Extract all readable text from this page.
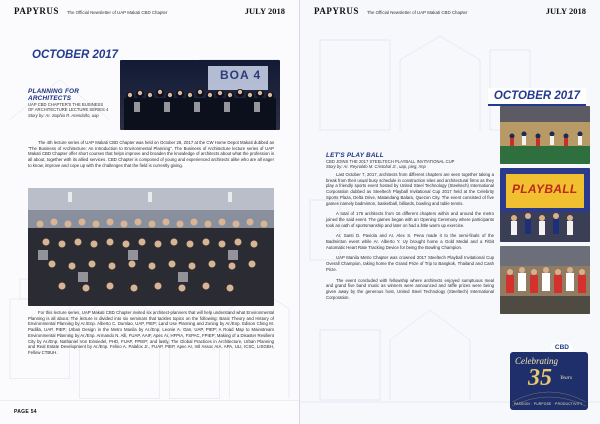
PAPYRUS	The Official Newsletter of UAP Makati CBD Chapter	JULY 2018
OCTOBER 2017
PLANNING FOR ARCHITECTS
UAP CBD CHAPTER'S THE BUSINESS
OF ARCHITECTURE LECTURE SERIES 4
Story by: Ar. Sophia R. Arendaño, uap
BOA 4

The 4th lecture series of UAP Makati CBD Chapter was held on October 28, 2017 at the CW Home Depot Makati dubbed as "The Business of Architecture: An Introduction to Environmental Planning". The Business of Architecture lecture series of UAP Makati CBD Chapter offer short courses that helps improve and broaden the knowledge of architects about what the profession is all about, together with its allied services. CBD Chapter is composed of young and experienced architects alike who are all eager to know, improve and cope up with the challenges that the field is currently giving.

For this lecture series, UAP Makati CBD Chapter invited six architect-planners that will help understand what Environmental Planning is all about. The lecture is divided into six seminars that tackles topics on the following: Basic Theory and History of Environmental Planning by Ar./Enp. Alberto C. Dumlao, UAP, PIEP; Land Use Planning and Zoning by Ar./Enp. Edison Ching M. Padilla, UAP, PIEP; Urban Design in the Metro Manila by Ar./Enp. Leonie A. Gan, UAP, PIEP; A Road Map to Mainstream Environmental Planning by Ar./Enp. Armando N. Alli, FUAP, AAIF, Apec Ar, HFPIA, FSPAC, FPIEP; Making of a Disaster Resilient City by Ar./Enp. Nathaniel Von Einsiedel, PHD, FUAP, FPIEP; and lastly, The Global Practices in Architecture, Urban Planning and Real Estate Development by Ar./Enp. Felino A. Palafox Jr., FUAP, PIEP, Apec Ar, Intl Assoc AIA, APA, ULI, ICSC, LISGBH, Fellow CTBUH.

PAGE 54
PAPYRUS	The Official Newsletter of UAP Makati CBD Chapter	JULY 2018
OCTOBER 2017
LET'S PLAY BALL
CBD JOINS THE 2017 STEELTECH PLAYBALL INVITATIONAL CUP
Story by: Ar. Reynaldo M. Cristobal Jr., uap, pieg, rmp

Last October 7, 2017, architects from different chapters are seen together taking a break from their usual busy schedule in construction sites and architectural firms as they play a friendly sports event hosted by United Steel Technology (Steeltech) International Corporation dubbed as Steeltech Playball Invitational Cup 2017 held at the Celebrity Sports Plaza, Delta Drive, Matandang Balara, Quezon City. The event consisted of five games namely badminton, basketball, billiards, bowling and table tennis.

A total of 176 architects from 16 different chapters within and around the metro joined the said event. The games began with an Opening Ceremony where participants took an oath of sportsmanship and later on had a little warm up exercise.

Ar. Santi D. Paviola and Ar. Alex S. Pena made it to the semi-finals of the Badminton event while Ar. Alberto Y. Uy brought home a Gold Medal and a Fitbit Automatic Heart Rate Tracking Device for being the Bowling Champion.

UAP Manila Metro Chapter was crowned 2017 Steeltech Playball Invitational Cup Overall Champion, taking home the Grand Prize of Trip to Bangkok, Thailand and Cash Prize.

The event concluded with fellowship where architects enjoyed sumptuous meal and grand five band music as winners were announced and raffle prizes were being given away by the generous host, United Steel Technology (Steeltech) International Corporation.

PLAYBALL
Celebrating
35 Years
PASSION · PURPOSE · PRODUCTIVITY
CBD
